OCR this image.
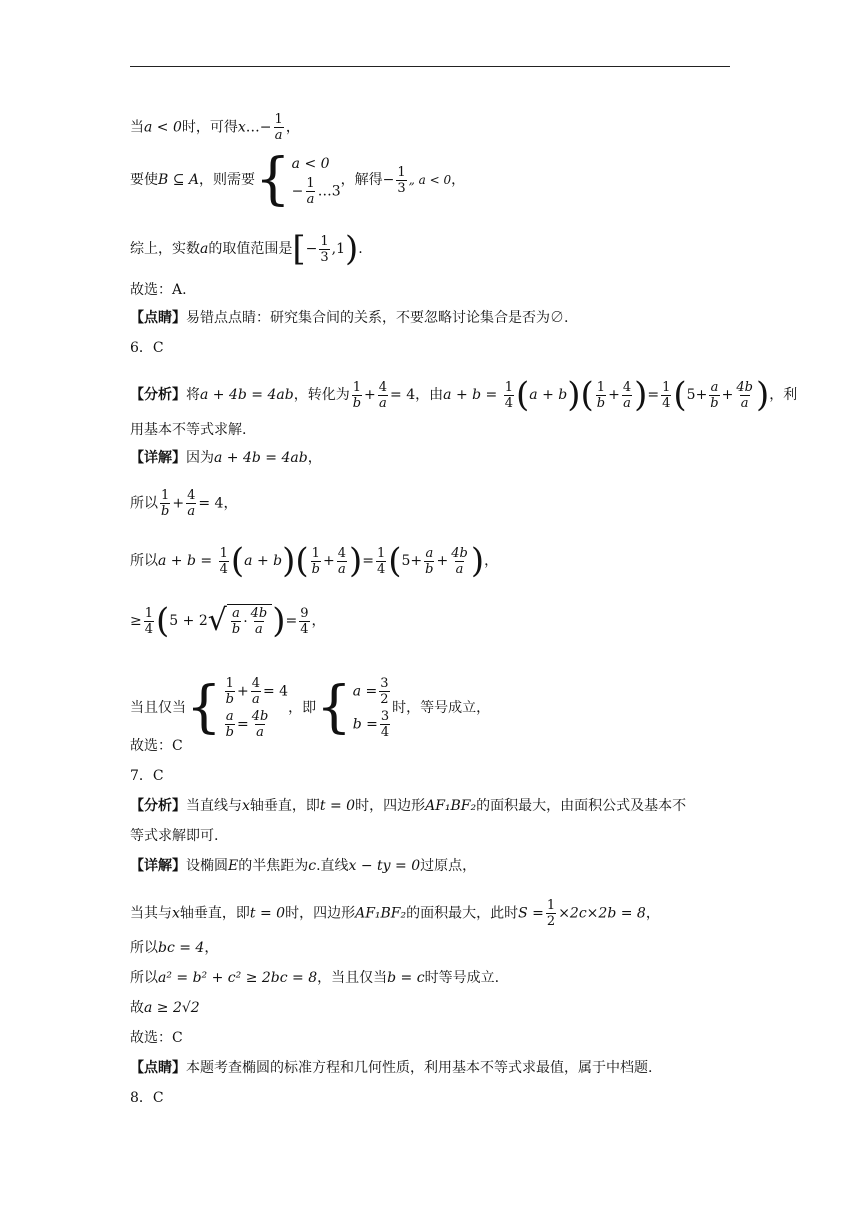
当a < 0时，可得x…− $\frac{1}{a}$ ，
要使B ⊆ A，则需要 { a < 0
− $\frac{1}{a}$ …3
，解得− $\frac{1}{3}$ „ a < 0，
综上，实数a的取值范围是[− $\frac{1}{3} ,1$).
故选：A.
【点睛】易错点点睛：研究集合间的关系，不要忽略讨论集合是否为∅.
6．C
【分析】将a + 4b = 4ab，转化为 $\frac{1}{b} + \frac{4}{a} = 4$，由$a + b = \frac{1}{4} (a + b)( \frac{1}{b} + \frac{4}{a}$ )= $\frac{1}{4} (5+ \frac{a}{b} + \frac{4b}{a}$ )，利
用基本不等式求解.
【详解】因为a + 4b = 4ab，
所以 $\frac{1}{b} + \frac{4}{a} = 4$，
所以$a + b = \frac{1}{4} (a + b)( \frac{1}{b} + \frac{4}{a}$ )= $\frac{1}{4} (5+ \frac{a}{b} + \frac{4b}{a}$ )，
≥ $\frac{1}{4} (5 + 2$ √ $\frac{a}{b} \cdot \frac{4b}{a}$ )= $\frac{9}{4}$ ，
当且仅当 { $\frac{1}{b} + \frac{4}{a} = 4$
$\frac{a}{b} = \frac{4b}{a}$
，即 { $a = \frac{3}{2}$
$b = \frac{3}{4}$
时，等号成立，
故选：C
7．C
【分析】当直线与x轴垂直，即t = 0时，四边形AF₁BF₂的面积最大，由面积公式及基本不
等式求解即可.
【详解】设椭圆E的半焦距为c.直线x − ty = 0过原点，
当其与x轴垂直，即t = 0时，四边形AF₁BF₂的面积最大，此时$S = \frac{1}{2} \times 2c\times 2b = 8$，
所以bc = 4，
所以a² = b² + c² ≥ 2bc = 8，当且仅当b = c时等号成立.
故a ≥ 2√2
故选：C
【点睛】本题考查椭圆的标准方程和几何性质，利用基本不等式求最值，属于中档题.
8．C
